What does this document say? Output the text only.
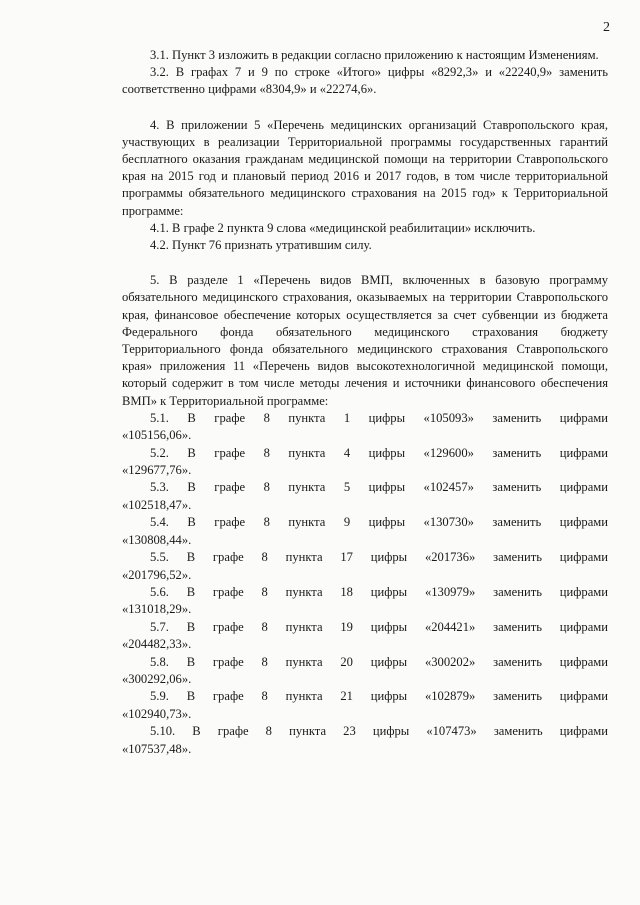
2

3.1. Пункт 3 изложить в редакции согласно приложению к настоящим Изменениям.

3.2. В графах 7 и 9 по строке «Итого» цифры «8292,3» и «22240,9» заменить соответственно цифрами «8304,9» и «22274,6».

4. В приложении 5 «Перечень медицинских организаций Ставропольского края, участвующих в реализации Территориальной программы государственных гарантий бесплатного оказания гражданам медицинской помощи на территории Ставропольского края на 2015 год и плановый период 2016 и 2017 годов, в том числе территориальной программы обязательного медицинского страхования на 2015 год» к Территориальной программе:

4.1. В графе 2 пункта 9 слова «медицинской реабилитации» исключить.

4.2. Пункт 76 признать утратившим силу.

5. В разделе 1 «Перечень видов ВМП, включенных в базовую программу обязательного медицинского страхования, оказываемых на территории Ставропольского края, финансовое обеспечение которых осуществляется за счет субвенции из бюджета Федерального фонда обязательного медицинского страхования бюджету Территориального фонда обязательного медицинского страхования Ставропольского края» приложения 11 «Перечень видов высокотехнологичной медицинской помощи, который содержит в том числе методы лечения и источники финансового обеспечения ВМП» к Территориальной программе:

5.1. В графе 8 пункта 1 цифры «105093» заменить цифрами
«105156,06».
5.2. В графе 8 пункта 4 цифры «129600» заменить цифрами
«129677,76».
5.3. В графе 8 пункта 5 цифры «102457» заменить цифрами
«102518,47».
5.4. В графе 8 пункта 9 цифры «130730» заменить цифрами
«130808,44».
5.5. В графе 8 пункта 17 цифры «201736» заменить цифрами
«201796,52».
5.6. В графе 8 пункта 18 цифры «130979» заменить цифрами
«131018,29».
5.7. В графе 8 пункта 19 цифры «204421» заменить цифрами
«204482,33».
5.8. В графе 8 пункта 20 цифры «300202» заменить цифрами
«300292,06».
5.9. В графе 8 пункта 21 цифры «102879» заменить цифрами
«102940,73».
5.10. В графе 8 пункта 23 цифры «107473» заменить цифрами
«107537,48».
